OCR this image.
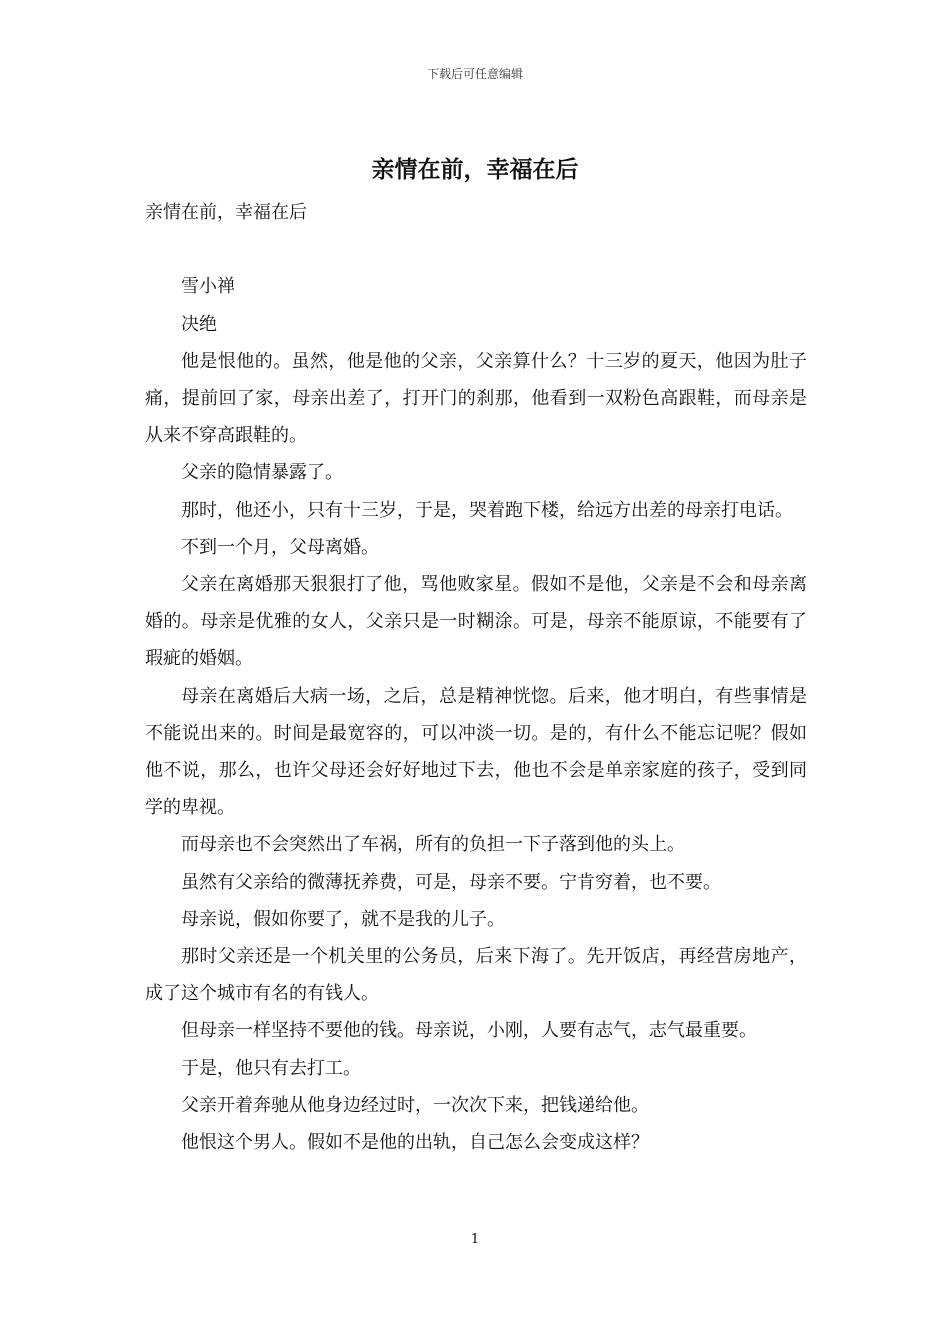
下载后可任意编辑
亲情在前，幸福在后

亲情在前，幸福在后

雪小禅

决绝

他是恨他的。虽然，他是他的父亲，父亲算什么？十三岁的夏天，他因为肚子痛，提前回了家，母亲出差了，打开门的刹那，他看到一双粉色高跟鞋，而母亲是从来不穿高跟鞋的。

父亲的隐情暴露了。

那时，他还小，只有十三岁，于是，哭着跑下楼，给远方出差的母亲打电话。

不到一个月，父母离婚。

父亲在离婚那天狠狠打了他，骂他败家星。假如不是他，父亲是不会和母亲离婚的。母亲是优雅的女人，父亲只是一时糊涂。可是，母亲不能原谅，不能要有了瑕疵的婚姻。

母亲在离婚后大病一场，之后，总是精神恍惚。后来，他才明白，有些事情是不能说出来的。时间是最宽容的，可以冲淡一切。是的，有什么不能忘记呢？假如他不说，那么，也许父母还会好好地过下去，他也不会是单亲家庭的孩子，受到同学的卑视。

而母亲也不会突然出了车祸，所有的负担一下子落到他的头上。

虽然有父亲给的微薄抚养费，可是，母亲不要。宁肯穷着，也不要。

母亲说，假如你要了，就不是我的儿子。

那时父亲还是一个机关里的公务员，后来下海了。先开饭店，再经营房地产，成了这个城市有名的有钱人。

但母亲一样坚持不要他的钱。母亲说，小刚，人要有志气，志气最重要。

于是，他只有去打工。

父亲开着奔驰从他身边经过时，一次次下来，把钱递给他。

他恨这个男人。假如不是他的出轨，自己怎么会变成这样？

1
